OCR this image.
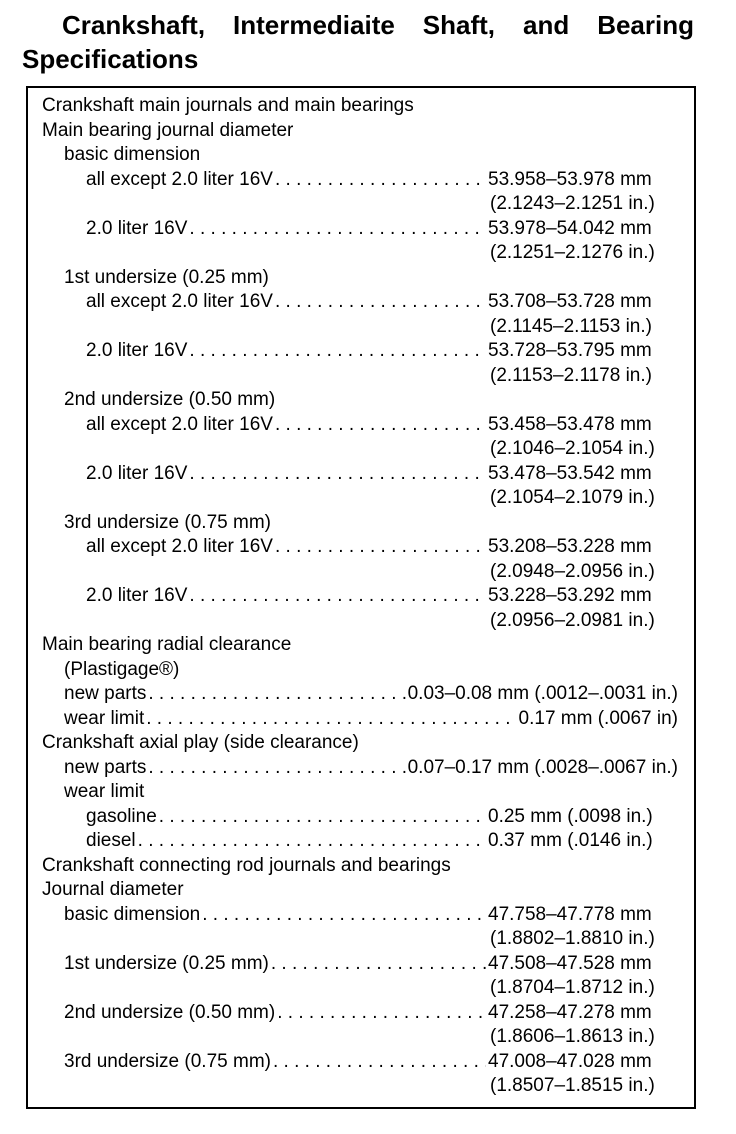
Crankshaft, Intermediaite Shaft, and Bearing
Specifications
Crankshaft main journals and main bearings
Main bearing journal diameter
basic dimension
all except 2.0 liter 16V . . .	53.958–53.978 mm
(2.1243–2.1251 in.)
2.0 liter 16V . . .	53.978–54.042 mm
(2.1251–2.1276 in.)
1st undersize (0.25 mm)
all except 2.0 liter 16V . . .	53.708–53.728 mm
(2.1145–2.1153 in.)
2.0 liter 16V . . .	53.728–53.795 mm
(2.1153–2.1178 in.)
2nd undersize (0.50 mm)
all except 2.0 liter 16V . . .	53.458–53.478 mm
(2.1046–2.1054 in.)
2.0 liter 16V . . .	53.478–53.542 mm
(2.1054–2.1079 in.)
3rd undersize (0.75 mm)
all except 2.0 liter 16V . . .	53.208–53.228 mm
(2.0948–2.0956 in.)
2.0 liter 16V . . .	53.228–53.292 mm
(2.0956–2.0981 in.)
Main bearing radial clearance
(Plastigage®)
new parts . . .	0.03–0.08 mm (.0012–.0031 in.)
wear limit . . .	0.17 mm (.0067 in)
Crankshaft axial play (side clearance)
new parts . . .	0.07–0.17 mm (.0028–.0067 in.)
wear limit
gasoline . . .	0.25 mm (.0098 in.)
diesel . . .	0.37 mm (.0146 in.)
Crankshaft connecting rod journals and bearings
Journal diameter
basic dimension . . .	47.758–47.778 mm
(1.8802–1.8810 in.)
1st undersize (0.25 mm) . . .	47.508–47.528 mm
(1.8704–1.8712 in.)
2nd undersize (0.50 mm) . . .	47.258–47.278 mm
(1.8606–1.8613 in.)
3rd undersize (0.75 mm) . . .	47.008–47.028 mm
(1.8507–1.8515 in.)
